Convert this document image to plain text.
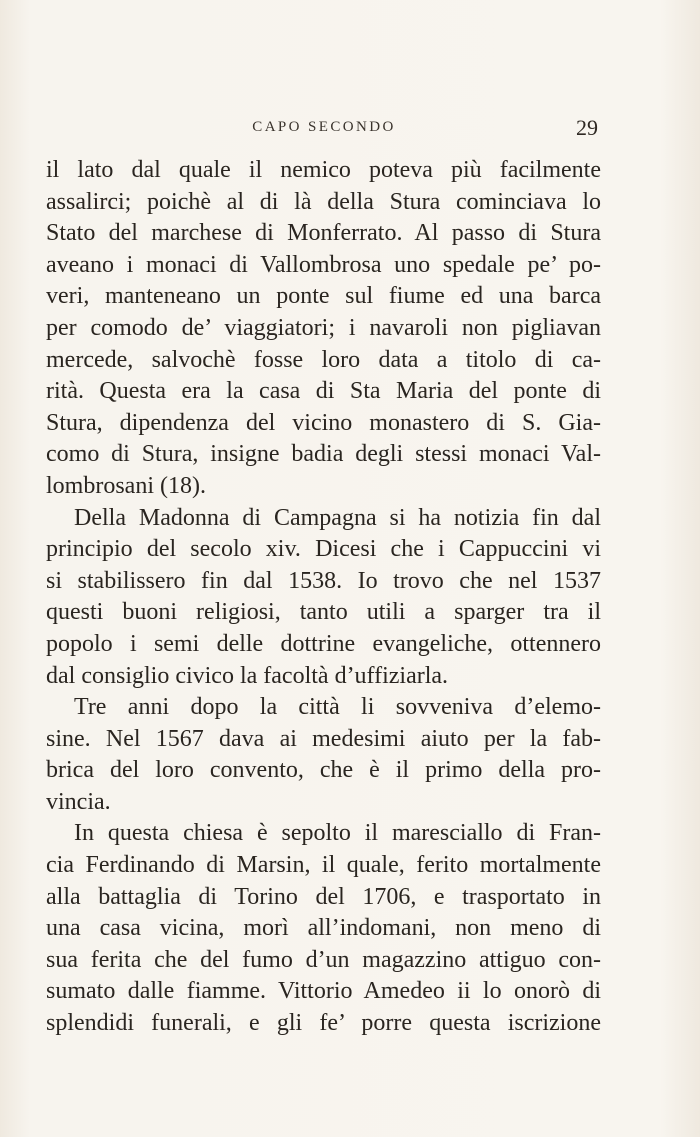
CAPO SECONDO	29
il lato dal quale il nemico poteva più facilmente
assalirci; poichè al di là della Stura cominciava lo
Stato del marchese di Monferrato. Al passo di Stura
aveano i monaci di Vallombrosa uno spedale pe’ po-
veri, manteneano un ponte sul fiume ed una barca
per comodo de’ viaggiatori; i navaroli non pigliavan
mercede, salvochè fosse loro data a titolo di ca-
rità. Questa era la casa di Sta Maria del ponte di
Stura, dipendenza del vicino monastero di S. Gia-
como di Stura, insigne badia degli stessi monaci Val-
lombrosani (18).
Della Madonna di Campagna si ha notizia fin dal
principio del secolo xiv. Dicesi che i Cappuccini vi
si stabilissero fin dal 1538. Io trovo che nel 1537
questi buoni religiosi, tanto utili a sparger tra il
popolo i semi delle dottrine evangeliche, ottennero
dal consiglio civico la facoltà d’uffiziarla.
Tre anni dopo la città li sovveniva d’elemo-
sine. Nel 1567 dava ai medesimi aiuto per la fab-
brica del loro convento, che è il primo della pro-
vincia.
In questa chiesa è sepolto il maresciallo di Fran-
cia Ferdinando di Marsin, il quale, ferito mortalmente
alla battaglia di Torino del 1706, e trasportato in
una casa vicina, morì all’indomani, non meno di
sua ferita che del fumo d’un magazzino attiguo con-
sumato dalle fiamme. Vittorio Amedeo ii lo onorò di
splendidi funerali, e gli fe’ porre questa iscrizione
